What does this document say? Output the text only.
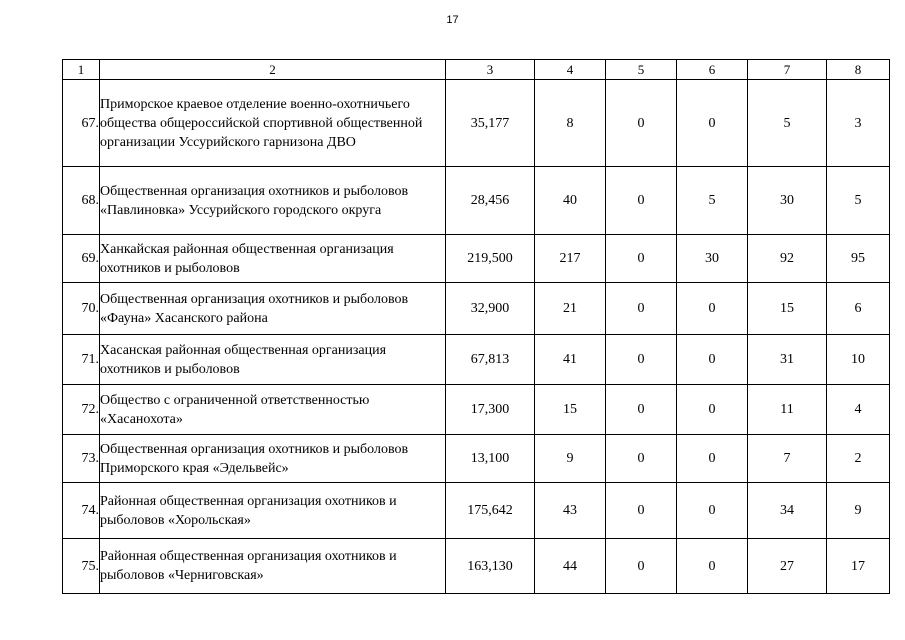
17
1	2	3	4	5	6	7	8
67.	Приморское краевое отделение военно-охотничьего общества общероссийской спортивной общественной организации Уссурийского гарнизона ДВО	35,177	8	0	0	5	3
68.	Общественная организация охотников и рыболовов «Павлиновка» Уссурийского городского округа	28,456	40	0	5	30	5
69.	Ханкайская районная общественная организация охотников и рыболовов	219,500	217	0	30	92	95
70.	Общественная организация охотников и рыболовов «Фауна» Хасанского района	32,900	21	0	0	15	6
71.	Хасанская районная общественная организация охотников и рыболовов	67,813	41	0	0	31	10
72.	Общество с ограниченной ответственностью «Хасанохота»	17,300	15	0	0	11	4
73.	Общественная организация охотников и рыболовов Приморского края «Эдельвейс»	13,100	9	0	0	7	2
74.	Районная общественная организация охотников и рыболовов «Хорольская»	175,642	43	0	0	34	9
75.	Районная общественная организация охотников и рыболовов «Черниговская»	163,130	44	0	0	27	17
